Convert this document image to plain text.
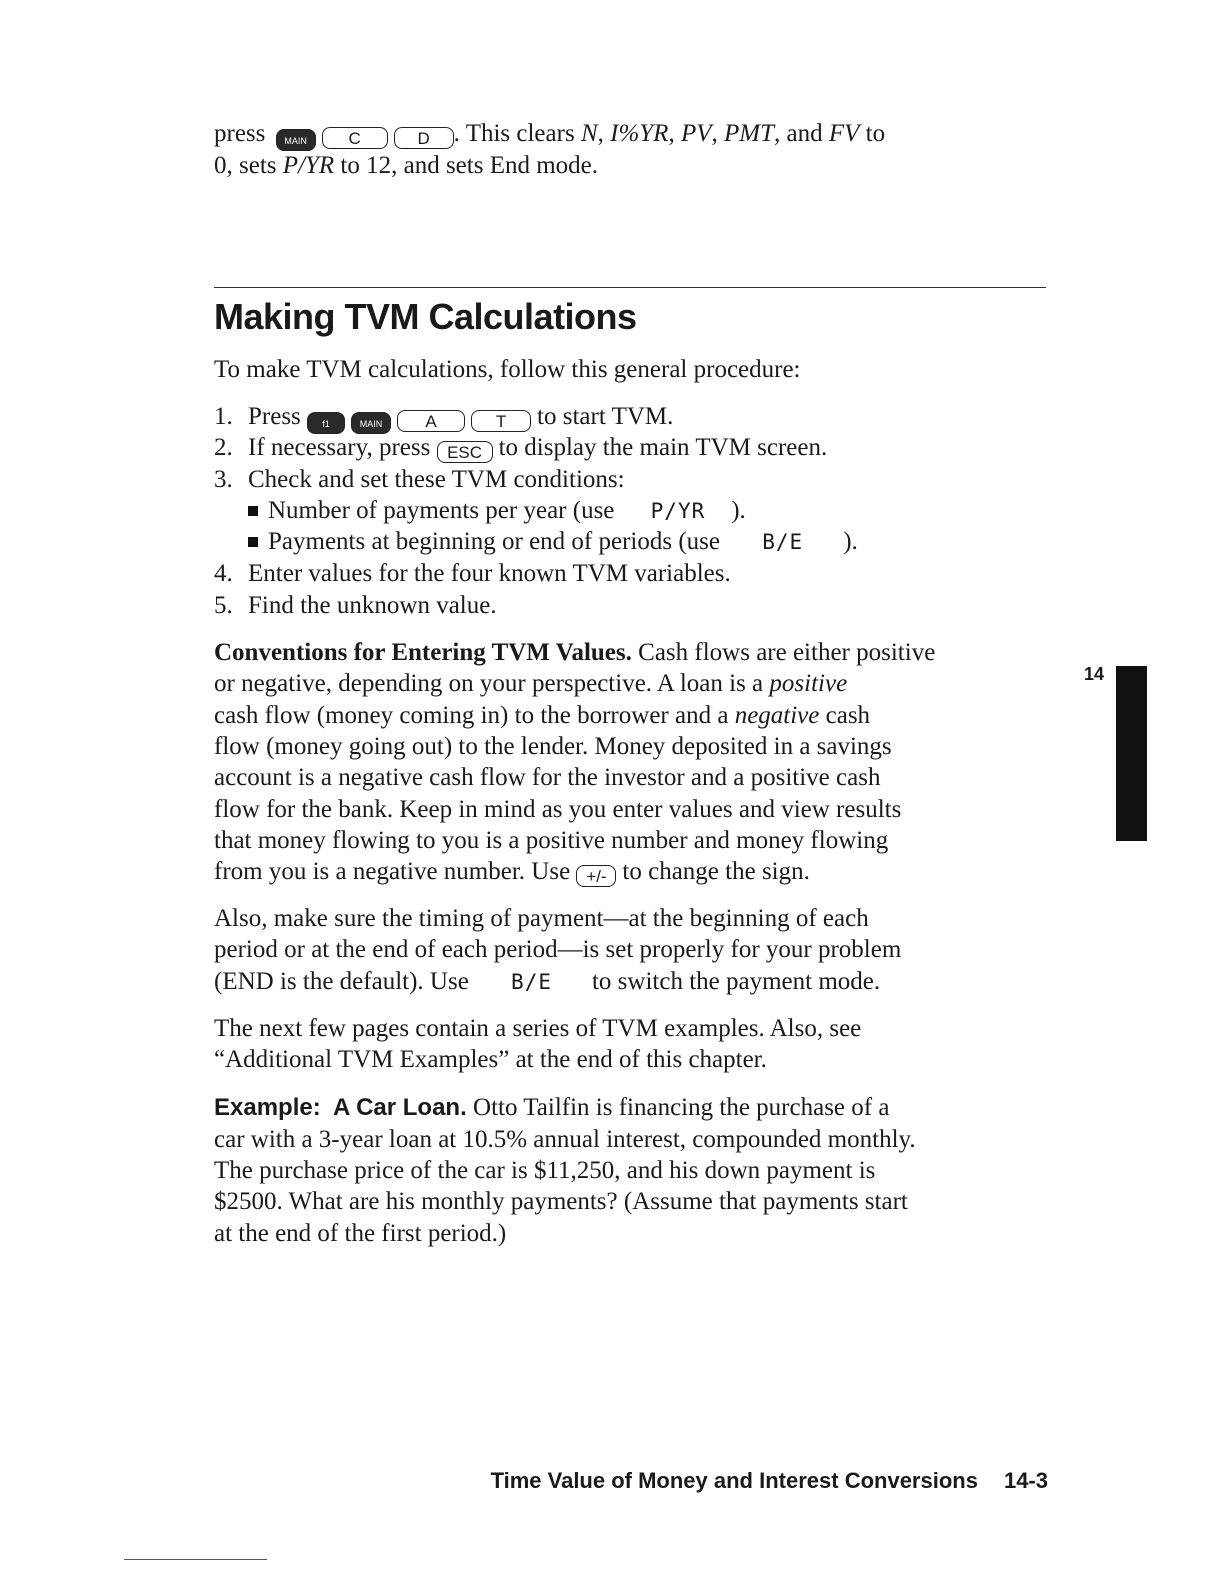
press MAIN C	D . This clears N, I%YR, PV, PMT, and FV to
0, sets P/YR to 12, and sets End mode.
Making TVM Calculations
To make TVM calculations, follow this general procedure:
1. Press f1	MAIN	A	T to start TVM.
2. If necessary, press ESC to display the main TVM screen.
3. Check and set these TVM conditions:
Number of payments per year (use P/YR ).
Payments at beginning or end of periods (use B/E ).
4. Enter values for the four known TVM variables.
5. Find the unknown value.
Conventions for Entering TVM Values. Cash flows are either positive
or negative, depending on your perspective. A loan is a positive
cash flow (money coming in) to the borrower and a negative cash
flow (money going out) to the lender. Money deposited in a savings
account is a negative cash flow for the investor and a positive cash
flow for the bank. Keep in mind as you enter values and view results
that money flowing to you is a positive number and money flowing
from you is a negative number. Use +/- to change the sign.
Also, make sure the timing of payment—at the beginning of each
period or at the end of each period—is set properly for your problem
(END is the default). Use B/E to switch the payment mode.
The next few pages contain a series of TVM examples. Also, see
“Additional TVM Examples” at the end of this chapter.
Example: A Car Loan. Otto Tailfin is financing the purchase of a
car with a 3-year loan at 10.5% annual interest, compounded monthly.
The purchase price of the car is $11,250, and his down payment is
$2500. What are his monthly payments? (Assume that payments start
at the end of the first period.)
14
Time Value of Money and Interest Conversions 14-3
